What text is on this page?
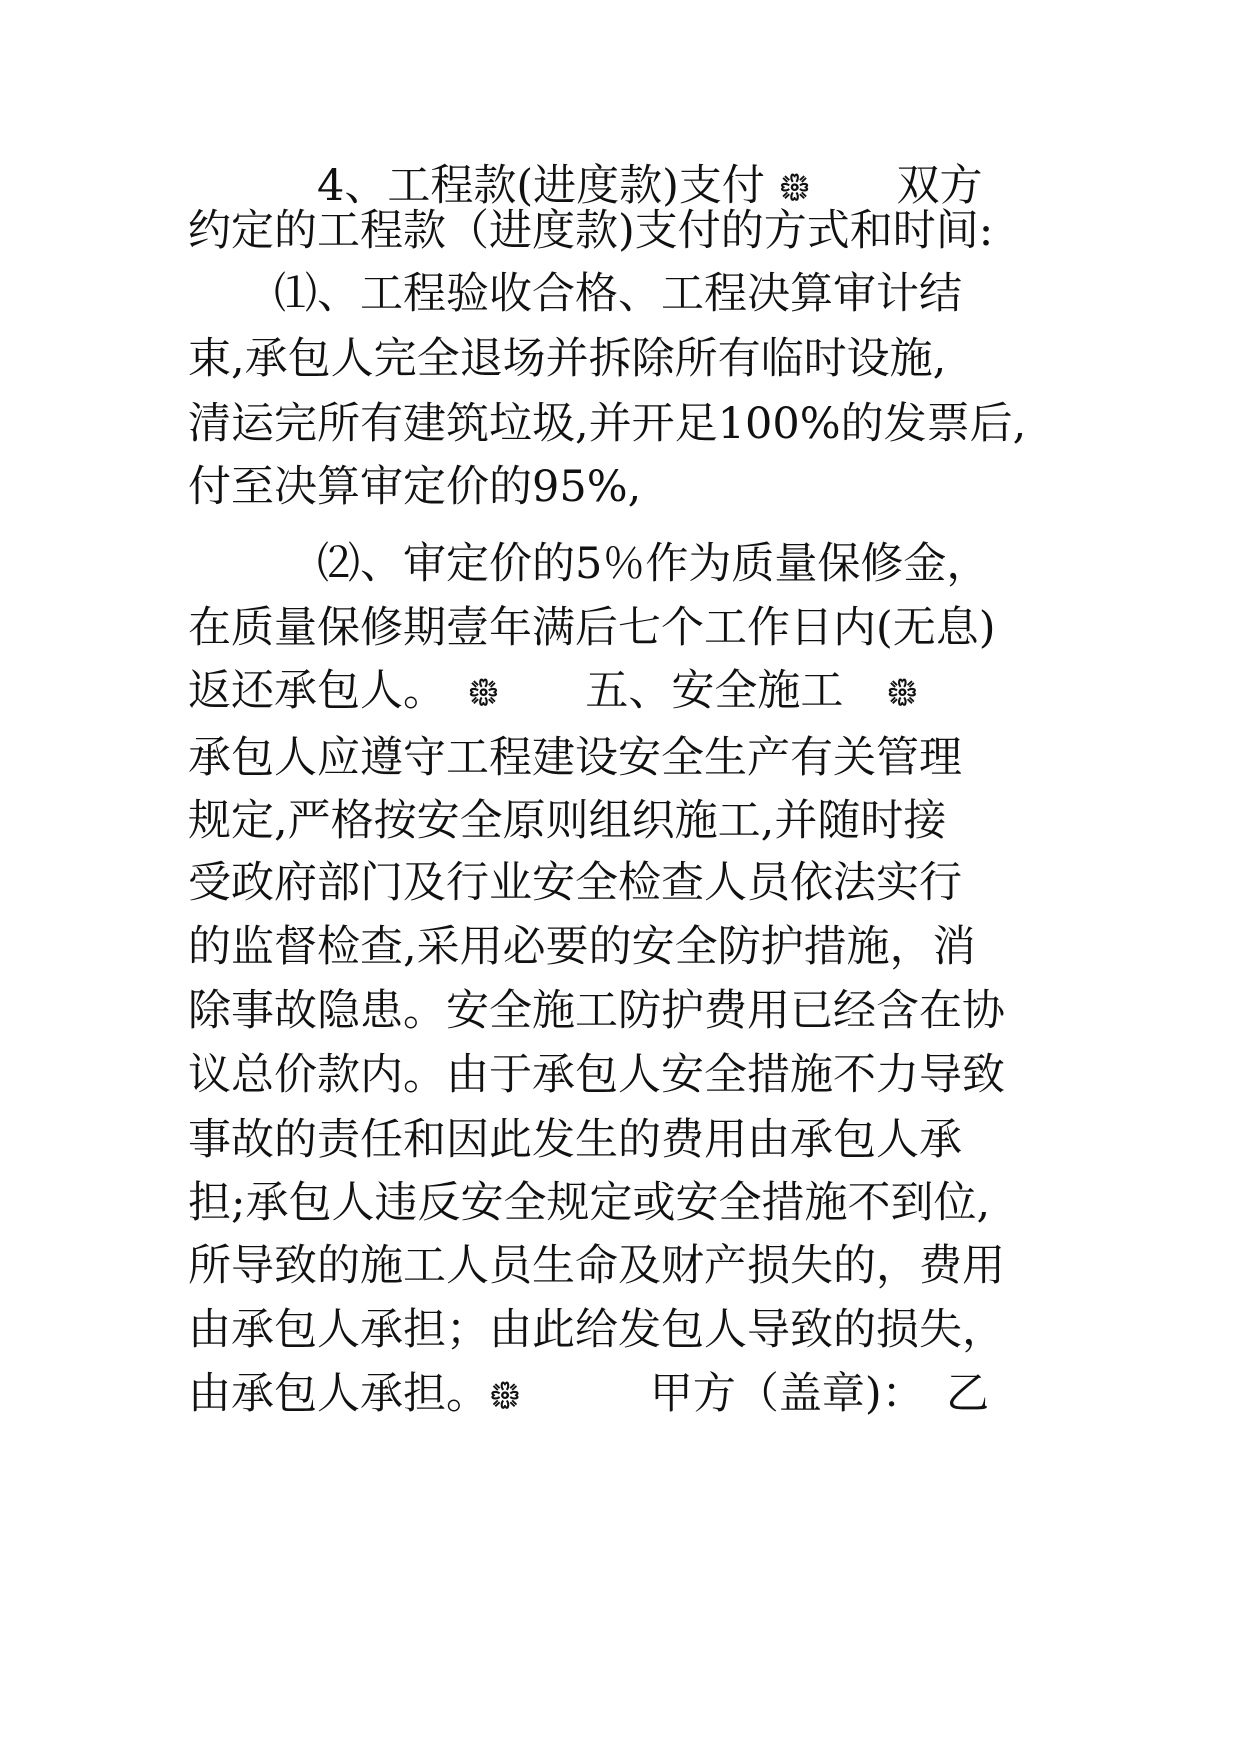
　　　4、工程款(进度款)支付 ᪥　　双方
约定的工程款（进度款)支付的方式和时间:
　　⑴、工程验收合格、工程决算审计结
束,承包人完全退场并拆除所有临时设施,
清运完所有建筑垃圾,并开足100%的发票后,
付至决算审定价的95%,
　　　⑵、审定价的5％作为质量保修金，
在质量保修期壹年满后七个工作日内(无息)
返还承包人。　᪥　　五、安全施工　᪥
承包人应遵守工程建设安全生产有关管理
规定,严格按安全原则组织施工,并随时接
受政府部门及行业安全检查人员依法实行
的监督检查,采用必要的安全防护措施，消
除事故隐患。安全施工防护费用已经含在协
议总价款内。由于承包人安全措施不力导致
事故的责任和因此发生的费用由承包人承
担;承包人违反安全规定或安全措施不到位,
所导致的施工人员生命及财产损失的，费用
由承包人承担；由此给发包人导致的损失，
由承包人承担。᪥　　　甲方（盖章)：　乙
